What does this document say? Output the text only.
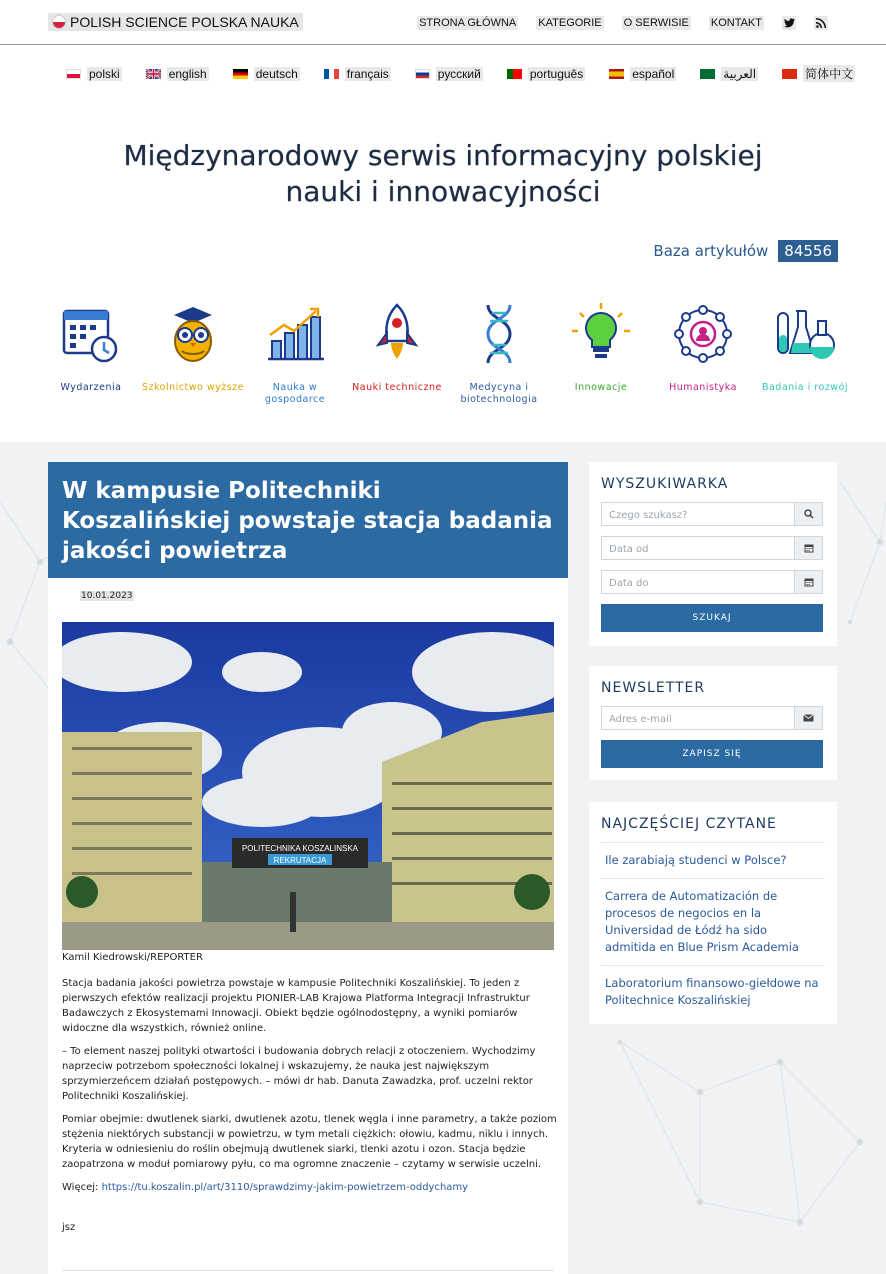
POLISH SCIENCE POLSKA NAUKA	STRONA GŁÓWNA KATEGORIE O SERWISIE KONTAKT
polski	english	deutsch	français	русский	português	español	العربية	简体中文
Międzynarodowy serwis informacyjny polskiej
nauki i innowacyjności
Baza artykułów	84556
Wydarzenia	Szkolnictwo wyższe	Nauka w gospodarce
Nauki techniczne	Medycyna i biotechnologia
Innowacje	Humanistyka	Badania i rozwój
W kampusie Politechniki Koszalińskiej powstaje stacja badania jakości powietrza
10.01.2023
POLITECHNIKA KOSZALINSKA
REKRUTACJA
Kamil Kiedrowski/REPORTER

Stacja badania jakości powietrza powstaje w kampusie Politechniki Koszalińskiej. To jeden z pierwszych efektów realizacji projektu PIONIER-LAB Krajowa Platforma Integracji Infrastruktur Badawczych z Ekosystemami Innowacji. Obiekt będzie ogólnodostępny, a wyniki pomiarów widoczne dla wszystkich, również online.

– To element naszej polityki otwartości i budowania dobrych relacji z otoczeniem. Wychodzimy naprzeciw potrzebom społeczności lokalnej i wskazujemy, że nauka jest największym sprzymierzeńcem działań postępowych. – mówi dr hab. Danuta Zawadzka, prof. uczelni rektor Politechniki Koszalińskiej.

Pomiar obejmie: dwutlenek siarki, dwutlenek azotu, tlenek węgla i inne parametry, a także poziom stężenia niektórych substancji w powietrzu, w tym metali ciężkich: ołowiu, kadmu, niklu i innych. Kryteria w odniesieniu do roślin obejmują dwutlenek siarki, tlenki azotu i ozon. Stacja będzie zaopatrzona w moduł pomiarowy pyłu, co ma ogromne znaczenie – czytamy w serwisie uczelni.

Więcej: https://tu.koszalin.pl/art/3110/sprawdzimy-jakim-powietrzem-oddychamy

jsz
WYSZUKIWARKA
Czego szukasz?
Data od
Data do
SZUKAJ
NEWSLETTER
Adres e-mail
ZAPISZ SIĘ
NAJCZĘŚCIEJ CZYTANE
Ile zarabiają studenci w Polsce?
Carrera de Automatización de procesos de negocios en la Universidad de Łódź ha sido admitida en Blue Prism Academia
Laboratorium finansowo-giełdowe na Politechnice Koszalińskiej
